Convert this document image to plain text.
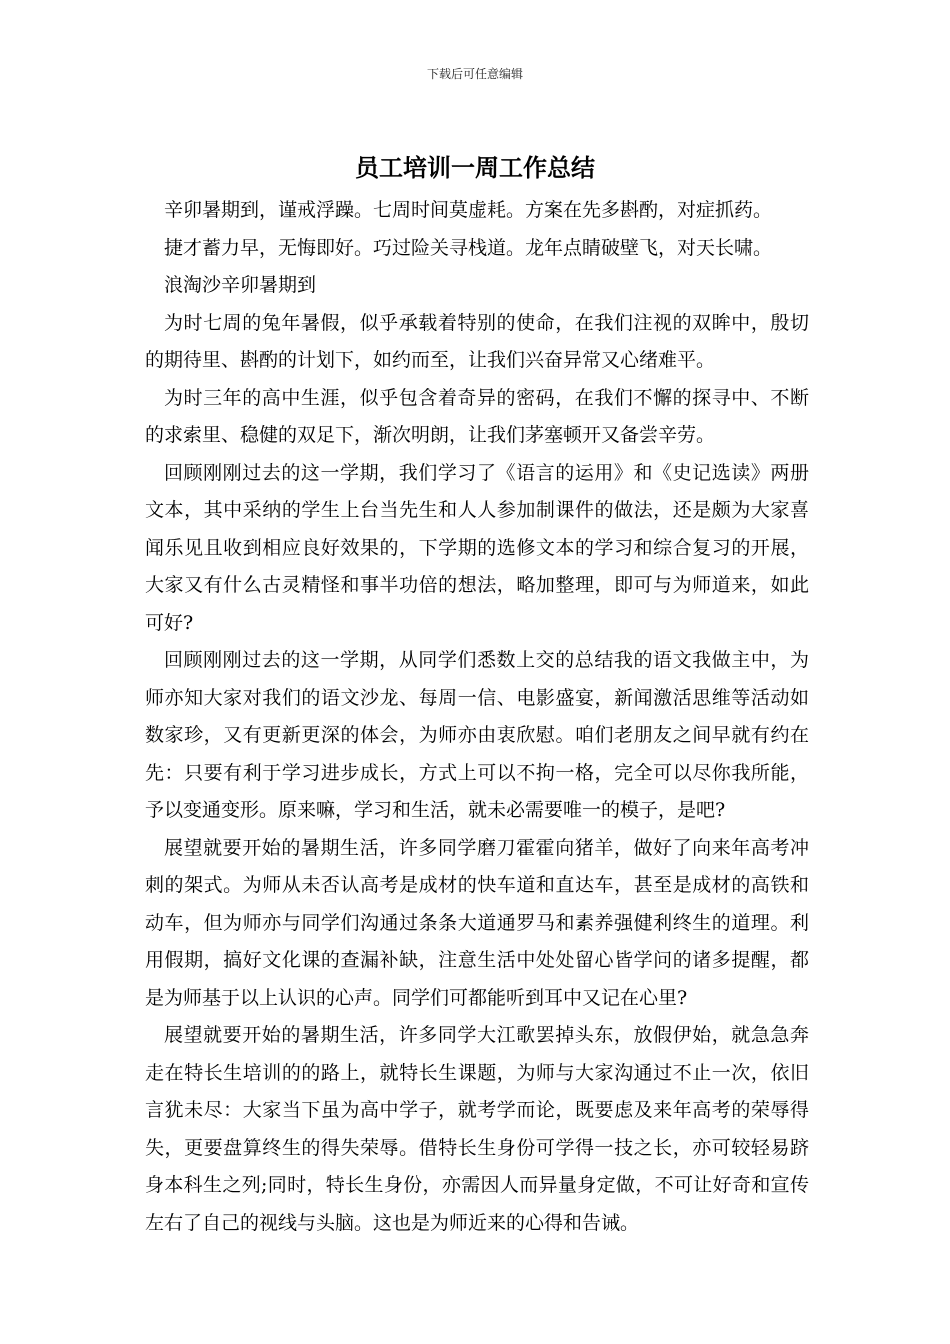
下载后可任意编辑
员工培训一周工作总结

辛卯暑期到，谨戒浮躁。七周时间莫虚耗。方案在先多斟酌，对症抓药。

捷才蓄力早，无悔即好。巧过险关寻栈道。龙年点睛破壁飞，对天长啸。

浪淘沙辛卯暑期到

为时七周的兔年暑假，似乎承载着特别的使命，在我们注视的双眸中，殷切的期待里、斟酌的计划下，如约而至，让我们兴奋异常又心绪难平。

为时三年的高中生涯，似乎包含着奇异的密码，在我们不懈的探寻中、不断的求索里、稳健的双足下，渐次明朗，让我们茅塞顿开又备尝辛劳。

回顾刚刚过去的这一学期，我们学习了《语言的运用》和《史记选读》两册文本，其中采纳的学生上台当先生和人人参加制课件的做法，还是颇为大家喜闻乐见且收到相应良好效果的，下学期的选修文本的学习和综合复习的开展，大家又有什么古灵精怪和事半功倍的想法，略加整理，即可与为师道来，如此可好?

回顾刚刚过去的这一学期，从同学们悉数上交的总结我的语文我做主中，为师亦知大家对我们的语文沙龙、每周一信、电影盛宴，新闻激活思维等活动如数家珍，又有更新更深的体会，为师亦由衷欣慰。咱们老朋友之间早就有约在先：只要有利于学习进步成长，方式上可以不拘一格，完全可以尽你我所能，予以变通变形。原来嘛，学习和生活，就未必需要唯一的模子，是吧?

展望就要开始的暑期生活，许多同学磨刀霍霍向猪羊，做好了向来年高考冲刺的架式。为师从未否认高考是成材的快车道和直达车，甚至是成材的高铁和动车，但为师亦与同学们沟通过条条大道通罗马和素养强健利终生的道理。利用假期，搞好文化课的查漏补缺，注意生活中处处留心皆学问的诸多提醒，都是为师基于以上认识的心声。同学们可都能听到耳中又记在心里?

展望就要开始的暑期生活，许多同学大江歌罢掉头东，放假伊始，就急急奔走在特长生培训的的路上，就特长生课题，为师与大家沟通过不止一次，依旧言犹未尽：大家当下虽为高中学子，就考学而论，既要虑及来年高考的荣辱得失，更要盘算终生的得失荣辱。借特长生身份可学得一技之长，亦可较轻易跻身本科生之列;同时，特长生身份，亦需因人而异量身定做，不可让好奇和宣传左右了自己的视线与头脑。这也是为师近来的心得和告诫。
